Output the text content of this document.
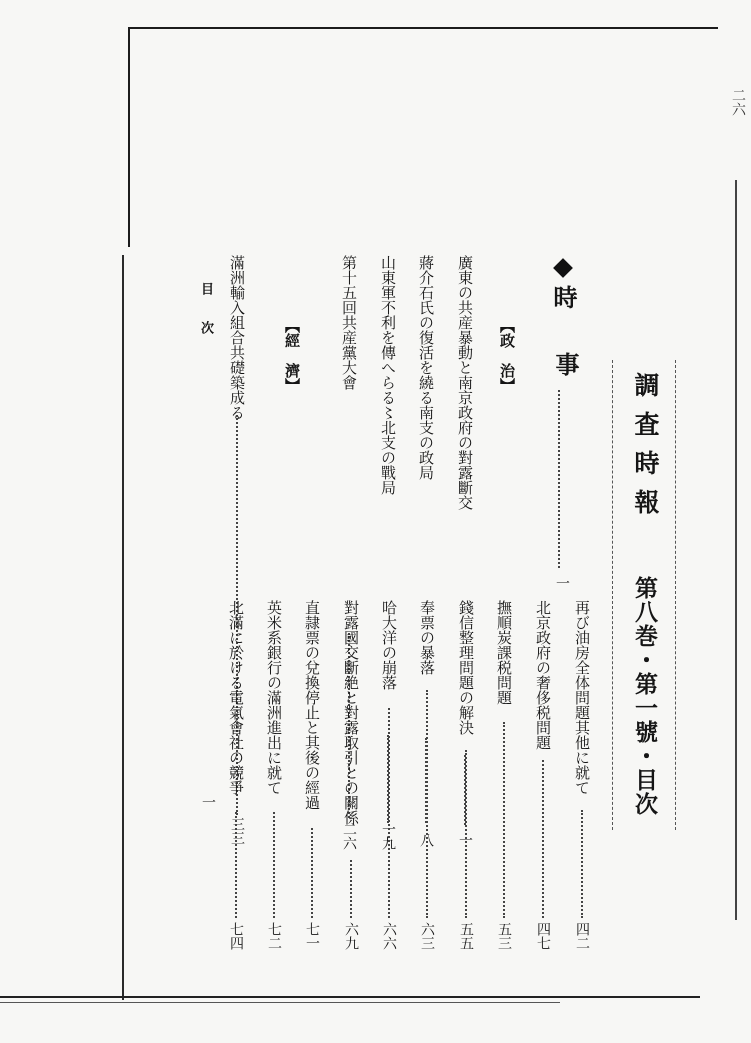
二六
調査時報
第八巻・第一號・目次
時
事
一
【政　治】
廣東の共産暴動と南京政府の對露斷交
一
蔣介石氏の復活を繞る南支の政局
八
山東軍不利を傳へらる〻北支の戰局
一九
第十五回共産黨大會
二六
【經　濟】
滿洲輸入組合共礎築成る
三三
再び油房全体問題其他に就て
四二
北京政府の奢侈税問題
四七
撫順炭課税問題
五三
錢信整理問題の解決
五五
奉票の暴落
六三
哈大洋の崩落
六六
對露國交斷絶と對露取引との關係
六九
直隷票の兌換停止と其後の經過
七一
英米系銀行の滿洲進出に就て
七二
北滿に於ける電氣會社の競爭
七四
目　　次
一
